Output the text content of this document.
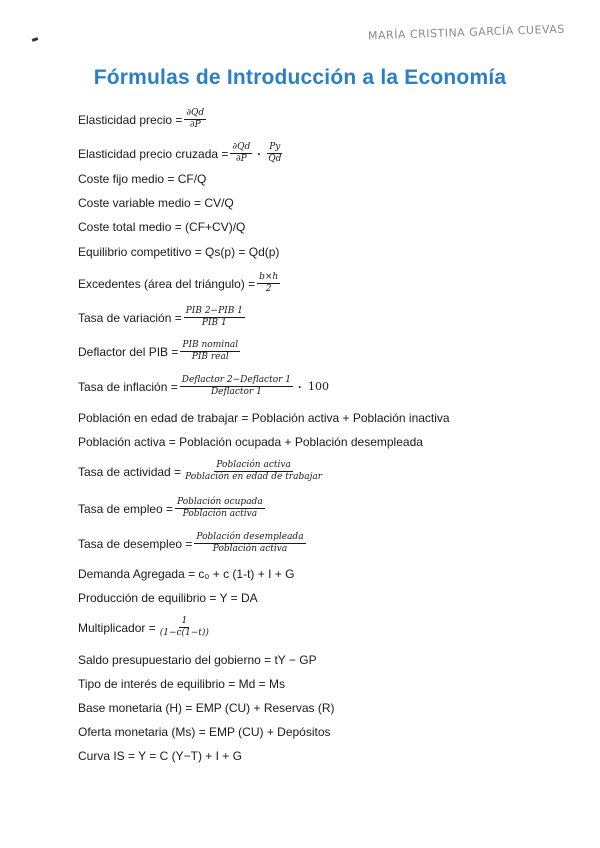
MARÍA CRISTINA GARCÍA CUEVAS
Fórmulas de Introducción a la Economía
Elasticidad precio = $\frac{\partial Qd}{\partial P}$
Elasticidad precio cruzada = $\frac{\partial Qd}{\partial P} \cdot \frac{Py}{Qd}$
Coste fijo medio = CF/Q
Coste variable medio = CV/Q
Coste total medio = (CF+CV)/Q
Equilibrio competitivo = Qs(p) = Qd(p)
Excedentes (área del triángulo) = $\frac{b\times h}{2}$
Tasa de variación = $\frac{\text{PIB 2−PIB 1}}{\text{PIB 1}}$
Deflactor del PIB = $\frac{\text{PIB nominal}}{\text{PIB real}}$
Tasa de inflación = $\frac{\text{Deflactor 2−Deflactor 1}}{\text{Deflactor 1}} \cdot 100$
Población en edad de trabajar = Población activa + Población inactiva
Población activa = Población ocupada + Población desempleada
Tasa de actividad = $\frac{\text{Población activa}}{\text{Población en edad de trabajar}}$
Tasa de empleo = $\frac{\text{Población ocupada}}{\text{Población activa}}$
Tasa de desempleo = $\frac{\text{Población desempleada}}{\text{Población activa}}$
Demanda Agregada = c₀ + c (1-t) + I + G
Producción de equilibrio = Y = DA
Multiplicador = $\frac{1}{(1-c(1-t))}$
Saldo presupuestario del gobierno = tY − GP
Tipo de interés de equilibrio = Md = Ms
Base monetaria (H) = EMP (CU) + Reservas (R)
Oferta monetaria (Ms) = EMP (CU) + Depósitos
Curva IS = Y = C (Y−T) + I + G
